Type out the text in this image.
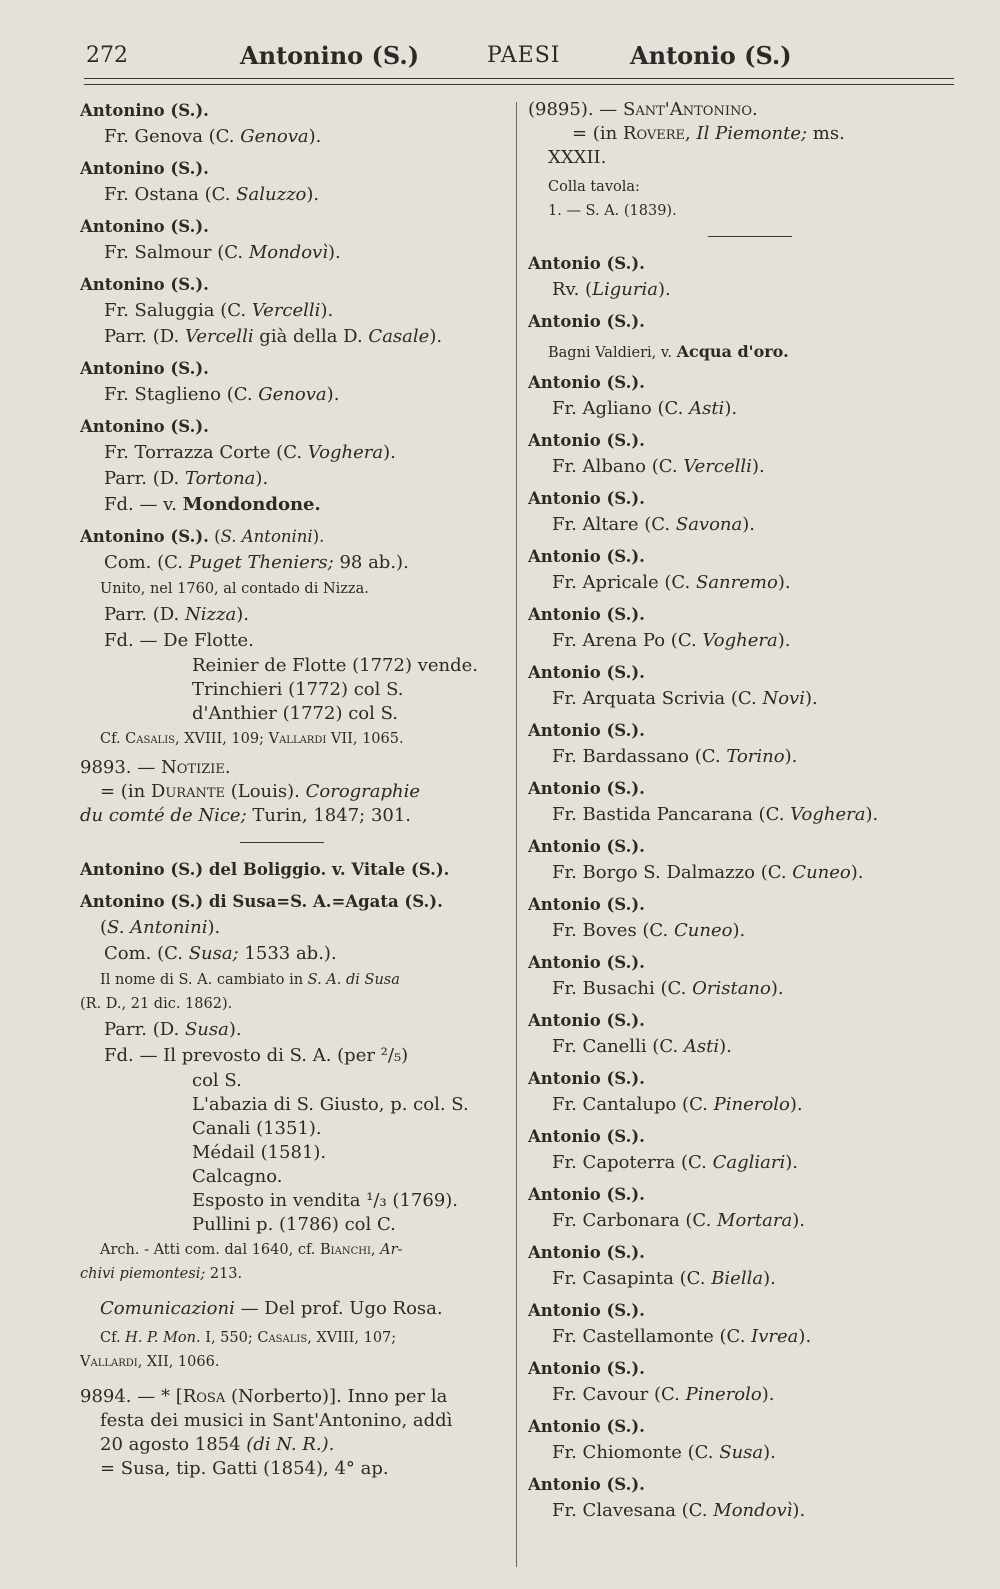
272	Antonino (S.)	PAESI	Antonio (S.)
Antonino (S.).
Fr. Genova (C. Genova).
Antonino (S.).
Fr. Ostana (C. Saluzzo).
Antonino (S.).
Fr. Salmour (C. Mondovì).
Antonino (S.).
Fr. Saluggia (C. Vercelli).
Parr. (D. Vercelli già della D. Casale).
Antonino (S.).
Fr. Staglieno (C. Genova).
Antonino (S.).
Fr. Torrazza Corte (C. Voghera).
Parr. (D. Tortona).
Fd. — v. Mondondone.
Antonino (S.). (S. Antonini).
Com. (C. Puget Theniers; 98 ab.).
Unito, nel 1760, al contado di Nizza.
Parr. (D. Nizza).
Fd. — De Flotte.
Reinier de Flotte (1772) vende.
Trinchieri (1772) col S.
d'Anthier (1772) col S.
Cf. Casalis, XVIII, 109; Vallardi VII, 1065.
9893. — Notizie.
= (in Durante (Louis). Corographie
du comté de Nice; Turin, 1847; 301.
Antonino (S.) del Boliggio. v. Vitale (S.).
Antonino (S.) di Susa=S. A.=Agata (S.).
(S. Antonini).
Com. (C. Susa; 1533 ab.).
Il nome di S. A. cambiato in S. A. di Susa
(R. D., 21 dic. 1862).
Parr. (D. Susa).
Fd. — Il prevosto di S. A. (per ²/₅)
col S.
L'abazia di S. Giusto, p. col. S.
Canali (1351).
Médail (1581).
Calcagno.
Esposto in vendita ¹/₃ (1769).
Pullini p. (1786) col C.
Arch. - Atti com. dal 1640, cf. Bianchi, Ar-
chivi piemontesi; 213.
Comunicazioni — Del prof. Ugo Rosa.
Cf. H. P. Mon. I, 550; Casalis, XVIII, 107;
Vallardi, XII, 1066.
9894. — * [Rosa (Norberto)]. Inno per la
festa dei musici in Sant'Antonino, addì
20 agosto 1854 (di N. R.).
= Susa, tip. Gatti (1854), 4° ap.
(9895). — Sant'Antonino.
= (in Rovere, Il Piemonte; ms.
XXXII.
Colla tavola:
1. — S. A. (1839).
Antonio (S.).
Rv. (Liguria).
Antonio (S.).
Bagni Valdieri, v. Acqua d'oro.
Antonio (S.).
Fr. Agliano (C. Asti).
Antonio (S.).
Fr. Albano (C. Vercelli).
Antonio (S.).
Fr. Altare (C. Savona).
Antonio (S.).
Fr. Apricale (C. Sanremo).
Antonio (S.).
Fr. Arena Po (C. Voghera).
Antonio (S.).
Fr. Arquata Scrivia (C. Novi).
Antonio (S.).
Fr. Bardassano (C. Torino).
Antonio (S.).
Fr. Bastida Pancarana (C. Voghera).
Antonio (S.).
Fr. Borgo S. Dalmazzo (C. Cuneo).
Antonio (S.).
Fr. Boves (C. Cuneo).
Antonio (S.).
Fr. Busachi (C. Oristano).
Antonio (S.).
Fr. Canelli (C. Asti).
Antonio (S.).
Fr. Cantalupo (C. Pinerolo).
Antonio (S.).
Fr. Capoterra (C. Cagliari).
Antonio (S.).
Fr. Carbonara (C. Mortara).
Antonio (S.).
Fr. Casapinta (C. Biella).
Antonio (S.).
Fr. Castellamonte (C. Ivrea).
Antonio (S.).
Fr. Cavour (C. Pinerolo).
Antonio (S.).
Fr. Chiomonte (C. Susa).
Antonio (S.).
Fr. Clavesana (C. Mondovì).
